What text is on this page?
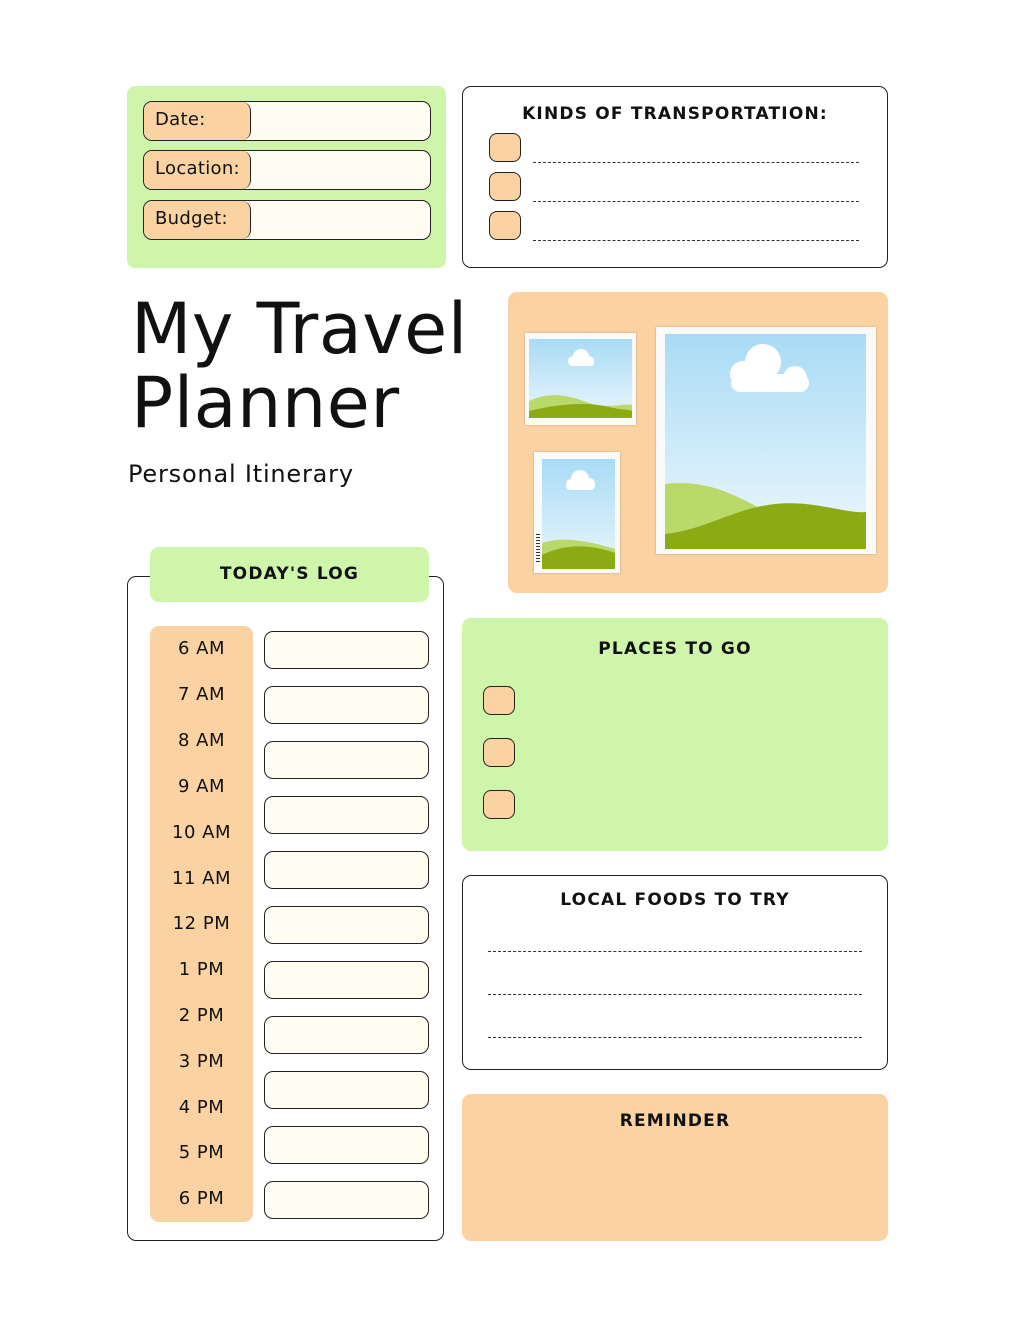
Date:
Location:
Budget:
KINDS OF TRANSPORTATION:
My Travel
Planner
Personal Itinerary
TODAY'S LOG
6 AM
7 AM
8 AM
9 AM
10 AM
11 AM
12 PM
1 PM
2 PM
3 PM
4 PM
5 PM
6 PM
PLACES TO GO
LOCAL FOODS TO TRY
REMINDER
